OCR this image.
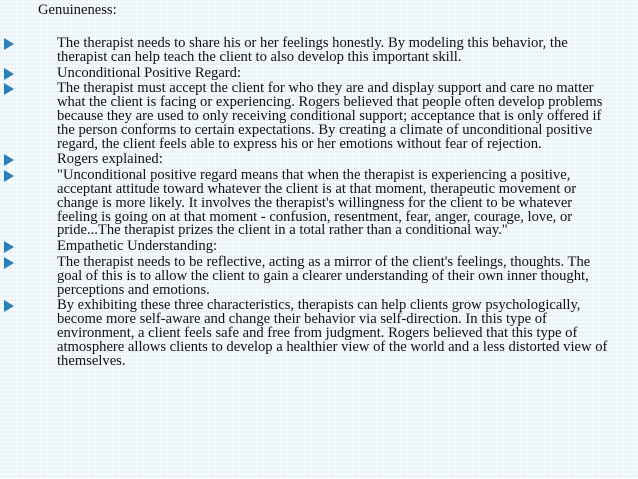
Genuineness:
The therapist needs to share his or her feelings honestly. By modeling this behavior, the therapist can help teach the client to also develop this important skill.
Unconditional Positive Regard:
The therapist must accept the client for who they are and display support and care no matter what the client is facing or experiencing. Rogers believed that people often develop problems because they are used to only receiving conditional support; acceptance that is only offered if the person conforms to certain expectations. By creating a climate of unconditional positive regard, the client feels able to express his or her emotions without fear of rejection.
Rogers explained:
"Unconditional positive regard means that when the therapist is experiencing a positive, acceptant attitude toward whatever the client is at that moment, therapeutic movement or change is more likely. It involves the therapist's willingness for the client to be whatever feeling is going on at that moment - confusion, resentment, fear, anger, courage, love, or pride...The therapist prizes the client in a total rather than a conditional way."
Empathetic Understanding:
The therapist needs to be reflective, acting as a mirror of the client's feelings, thoughts. The goal of this is to allow the client to gain a clearer understanding of their own inner thought, perceptions and emotions.
By exhibiting these three characteristics, therapists can help clients grow psychologically, become more self-aware and change their behavior via self-direction. In this type of environment, a client feels safe and free from judgment. Rogers believed that this type of atmosphere allows clients to develop a healthier view of the world and a less distorted view of themselves.
